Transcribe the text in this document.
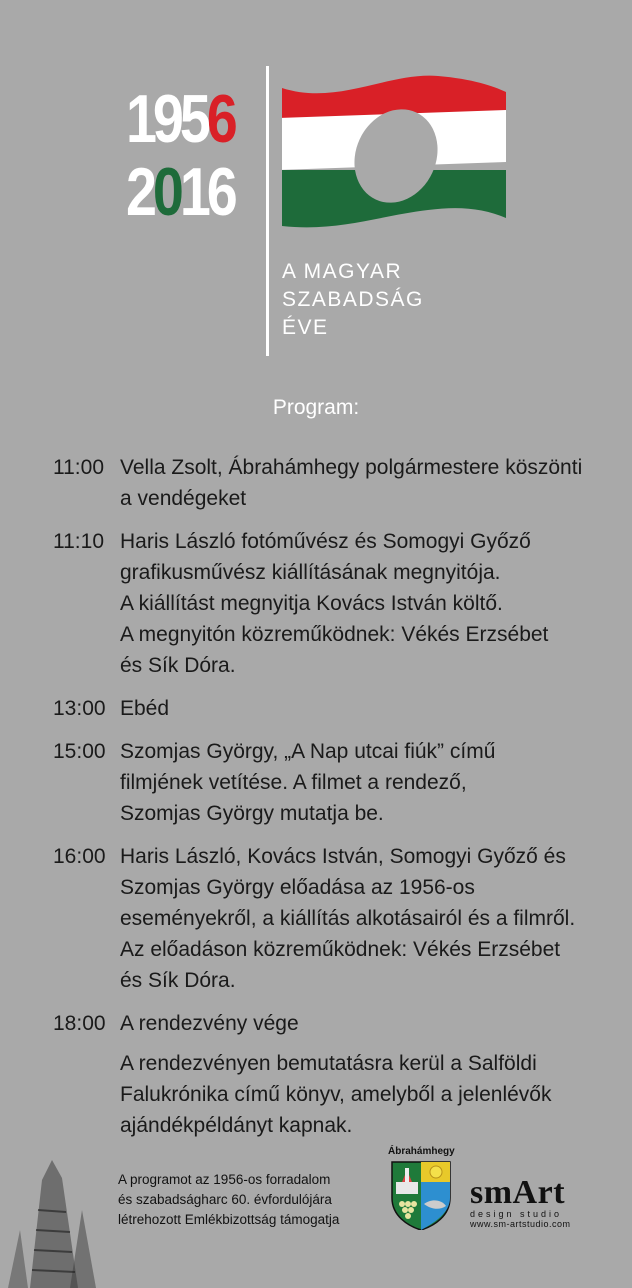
1956
2016
A MAGYAR
SZABADSÁG
ÉVE
Program:
11:00 Vella Zsolt, Ábrahámhegy polgármestere köszönti
a vendégeket
11:10 Haris László fotóművész és Somogyi Győző
grafikusművész kiállításának megnyitója.
A kiállítást megnyitja Kovács István költő.
A megnyitón közreműködnek: Vékés Erzsébet
és Sík Dóra.
13:00 Ebéd
15:00 Szomjas György, „A Nap utcai fiúk” című
filmjének vetítése. A filmet a rendező,
Szomjas György mutatja be.
16:00 Haris László, Kovács István, Somogyi Győző és
Szomjas György előadása az 1956-os
eseményekről, a kiállítás alkotásairól és a filmről.
Az előadáson közreműködnek: Vékés Erzsébet
és Sík Dóra.
18:00 A rendezvény vége
A rendezvényen bemutatásra kerül a Salföldi
Falukrónika című könyv, amelyből a jelenlévők
ajándékpéldányt kapnak.
A programot az 1956-os forradalom
és szabadságharc 60. évfordulójára
létrehozott Emlékbizottság támogatja
Ábrahámhegy
smArt
design studio
www.sm-artstudio.com
